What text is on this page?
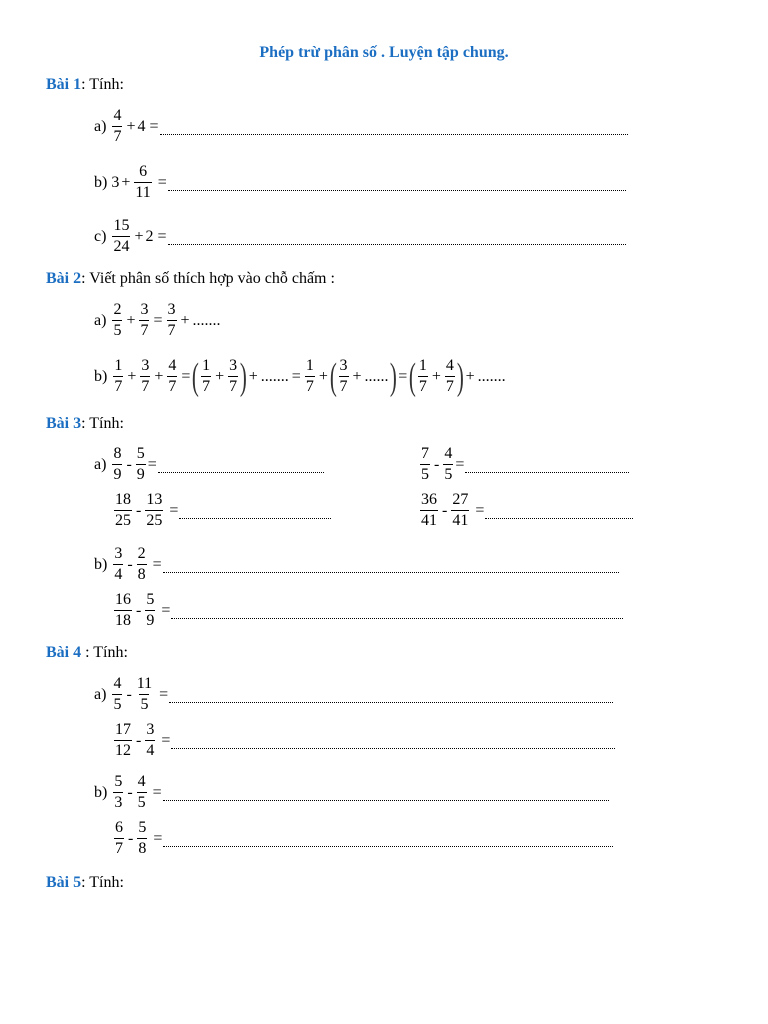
Phép trừ phân số . Luyện tập chung.
Bài 1: Tính:
a)
$\frac{4}{7} + 4$
=
b)
$3 + \frac{6}{11}$
=
c)
$\frac{15}{24} + 2$
=
Bài 2: Viết phân số thích hợp vào chỗ chấm :
a)
$\frac{2}{5} + \frac{3}{7} = \frac{3}{7}$ + .......
b)
$\frac{1}{7} + \frac{3}{7} + \frac{4}{7}$ = ( $\frac{1}{7} + \frac{3}{7}$ ) + ....... = $\frac{1}{7}$ + ( $\frac{3}{7}$ + ...... ) = ( $\frac{1}{7} + \frac{4}{7}$ ) + .......
Bài 3: Tính:
a)
$\frac{8}{9} - \frac{5}{9}$ =	$\frac{7}{5} - \frac{4}{5}$ =
$\frac{18}{25} - \frac{13}{25}$
=	$\frac{36}{41} - \frac{27}{41}$
=
b)
$\frac{3}{4} - \frac{2}{8}$
=
$\frac{16}{18} - \frac{5}{9}$
=
Bài 4 : Tính:
a)
$\frac{4}{5} - \frac{11}{5}$
=
$\frac{17}{12} - \frac{3}{4}$
=
b)
$\frac{5}{3} - \frac{4}{5}$
=
$\frac{6}{7} - \frac{5}{8}$
=
Bài 5: Tính:
